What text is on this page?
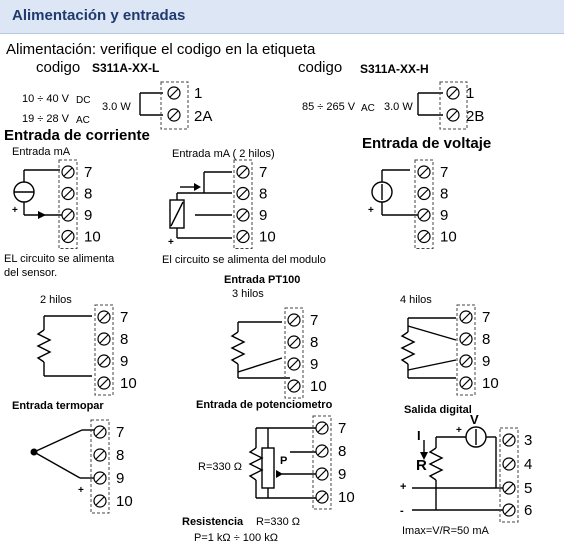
Alimentación y entradas
Alimentación: verifique el codigo en la etiqueta
codigo S311A-XX-L	codigo S311A-XX-H
10 ÷ 40 V DC
19 ÷ 28 V AC
3.0 W
1
2A
85 ÷ 265 V AC 3.0 W
1
2B
Entrada de corriente
Entrada mA
+
Entrada mA ( 2 hilos)
+
EL circuito se alimenta
del sensor.
El circuito se alimenta del modulo
Entrada de voltaje
+
Entrada PT100
2 hilos	3 hilos	4 hilos
Entrada termopar
+
Entrada de potenciometro
R=330 Ω	P
Resistencia R=330 Ω
P=1 kΩ ÷ 100 kΩ
Salida digital
V
+
I
R
+
-
3
4
5
6
Imax=V/R=50 mA
7
8
9
10
7
8
9
10
7
8
9
10
7
8
9
10
7
8
9
10
7
8
9
10
7
8
9
10
7
8
9
10
